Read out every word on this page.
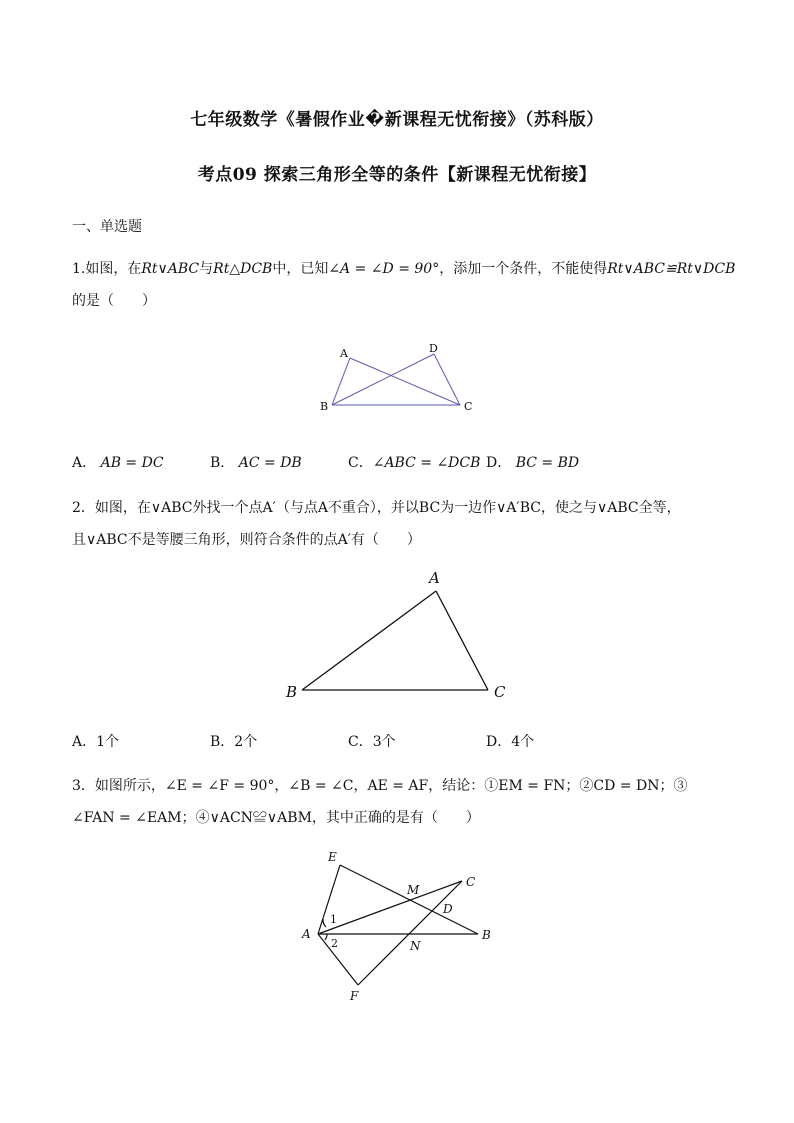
七年级数学《暑假作业�新课程无忧衔接》（苏科版）
考点09 探索三角形全等的条件【新课程无忧衔接】
一、单选题
1.如图，在Rt∨ABC与Rt△DCB中，已知∠A = ∠D = 90°，添加一个条件，不能使得Rt∨ABC≌Rt∨DCB
的是（　　）
A	D
B	C
A． AB = DC	B． AC = DB	C．∠ABC = ∠DCB D． BC = BD
2．如图，在∨ABC外找一个点A′（与点A不重合），并以BC为一边作∨A′BC，使之与∨ABC全等，
且∨ABC不是等腰三角形，则符合条件的点A′有（　　）
A
B	C
A．1个	B．2个	C．3个	D．4个
3．如图所示，∠E = ∠F = 90°，∠B = ∠C，AE = AF，结论：①EM = FN；②CD = DN；③
∠FAN = ∠EAM；④∨ACN≌∨ABM，其中正确的是有（　　）
E
M
C
D
A	B
N
F
1
2
